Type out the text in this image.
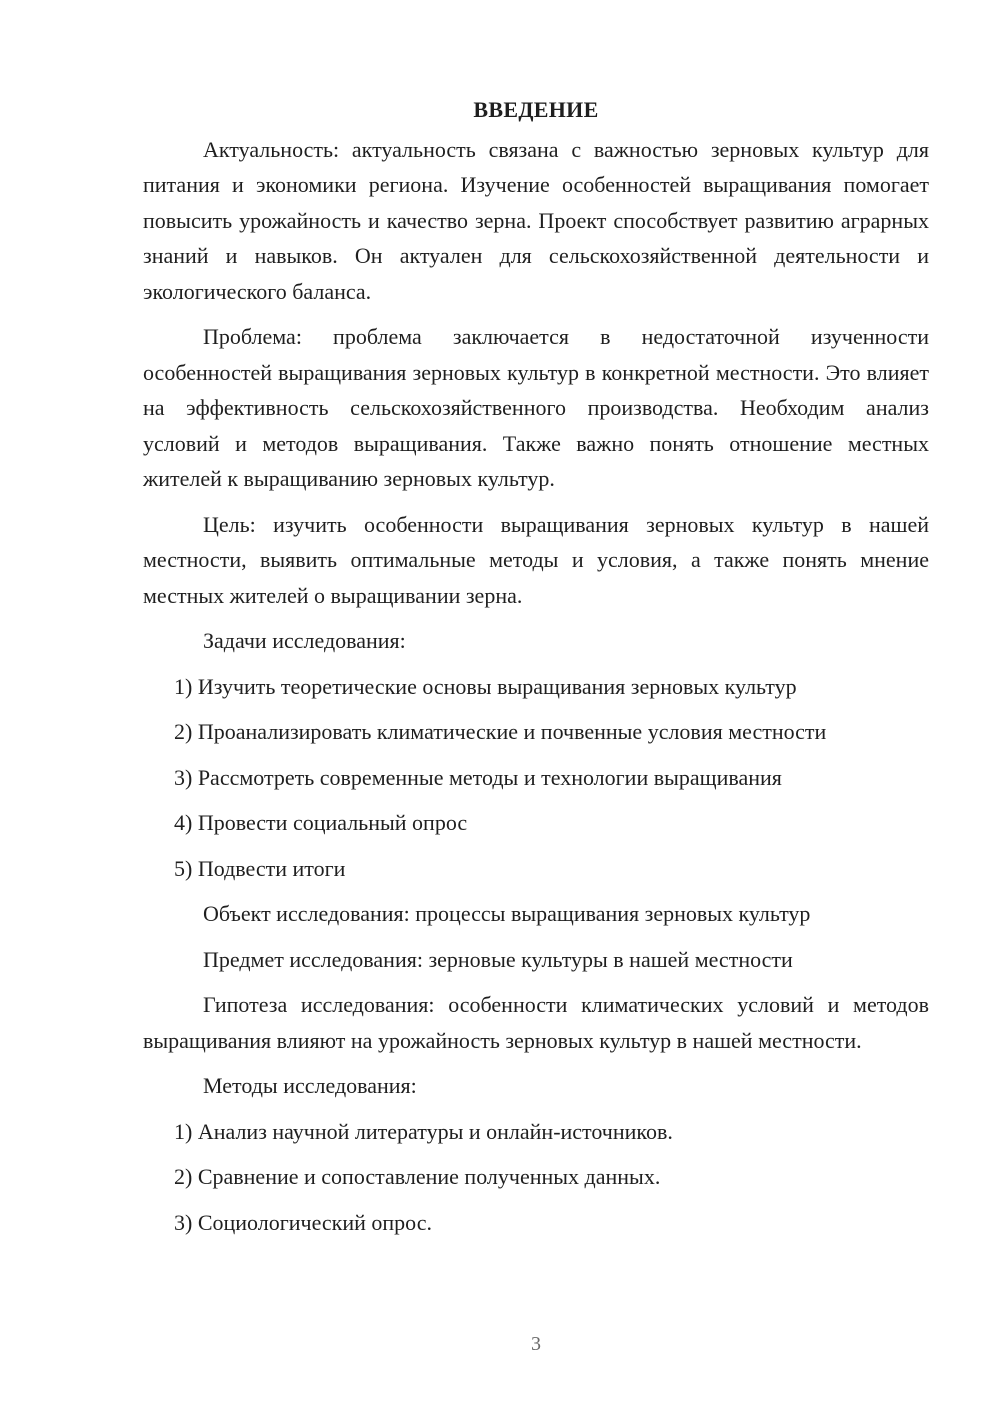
ВВЕДЕНИЕ

Актуальность: актуальность связана с важностью зерновых культур для питания и экономики региона. Изучение особенностей выращивания помогает повысить урожайность и качество зерна. Проект способствует развитию аграрных знаний и навыков. Он актуален для сельскохозяйственной деятельности и экологического баланса.

Проблема: проблема заключается в недостаточной изученности особенностей выращивания зерновых культур в конкретной местности. Это влияет на эффективность сельскохозяйственного производства. Необходим анализ условий и методов выращивания. Также важно понять отношение местных жителей к выращиванию зерновых культур.

Цель: изучить особенности выращивания зерновых культур в нашей местности, выявить оптимальные методы и условия, а также понять мнение местных жителей о выращивании зерна.

Задачи исследования:

1) Изучить теоретические основы выращивания зерновых культур
2) Проанализировать климатические и почвенные условия местности
3) Рассмотреть современные методы и технологии выращивания
4) Провести социальный опрос
5) Подвести итоги

Объект исследования: процессы выращивания зерновых культур

Предмет исследования: зерновые культуры в нашей местности

Гипотеза исследования: особенности климатических условий и методов выращивания влияют на урожайность зерновых культур в нашей местности.

Методы исследования:

1) Анализ научной литературы и онлайн-источников.
2) Сравнение и сопоставление полученных данных.
3) Социологический опрос.
3
